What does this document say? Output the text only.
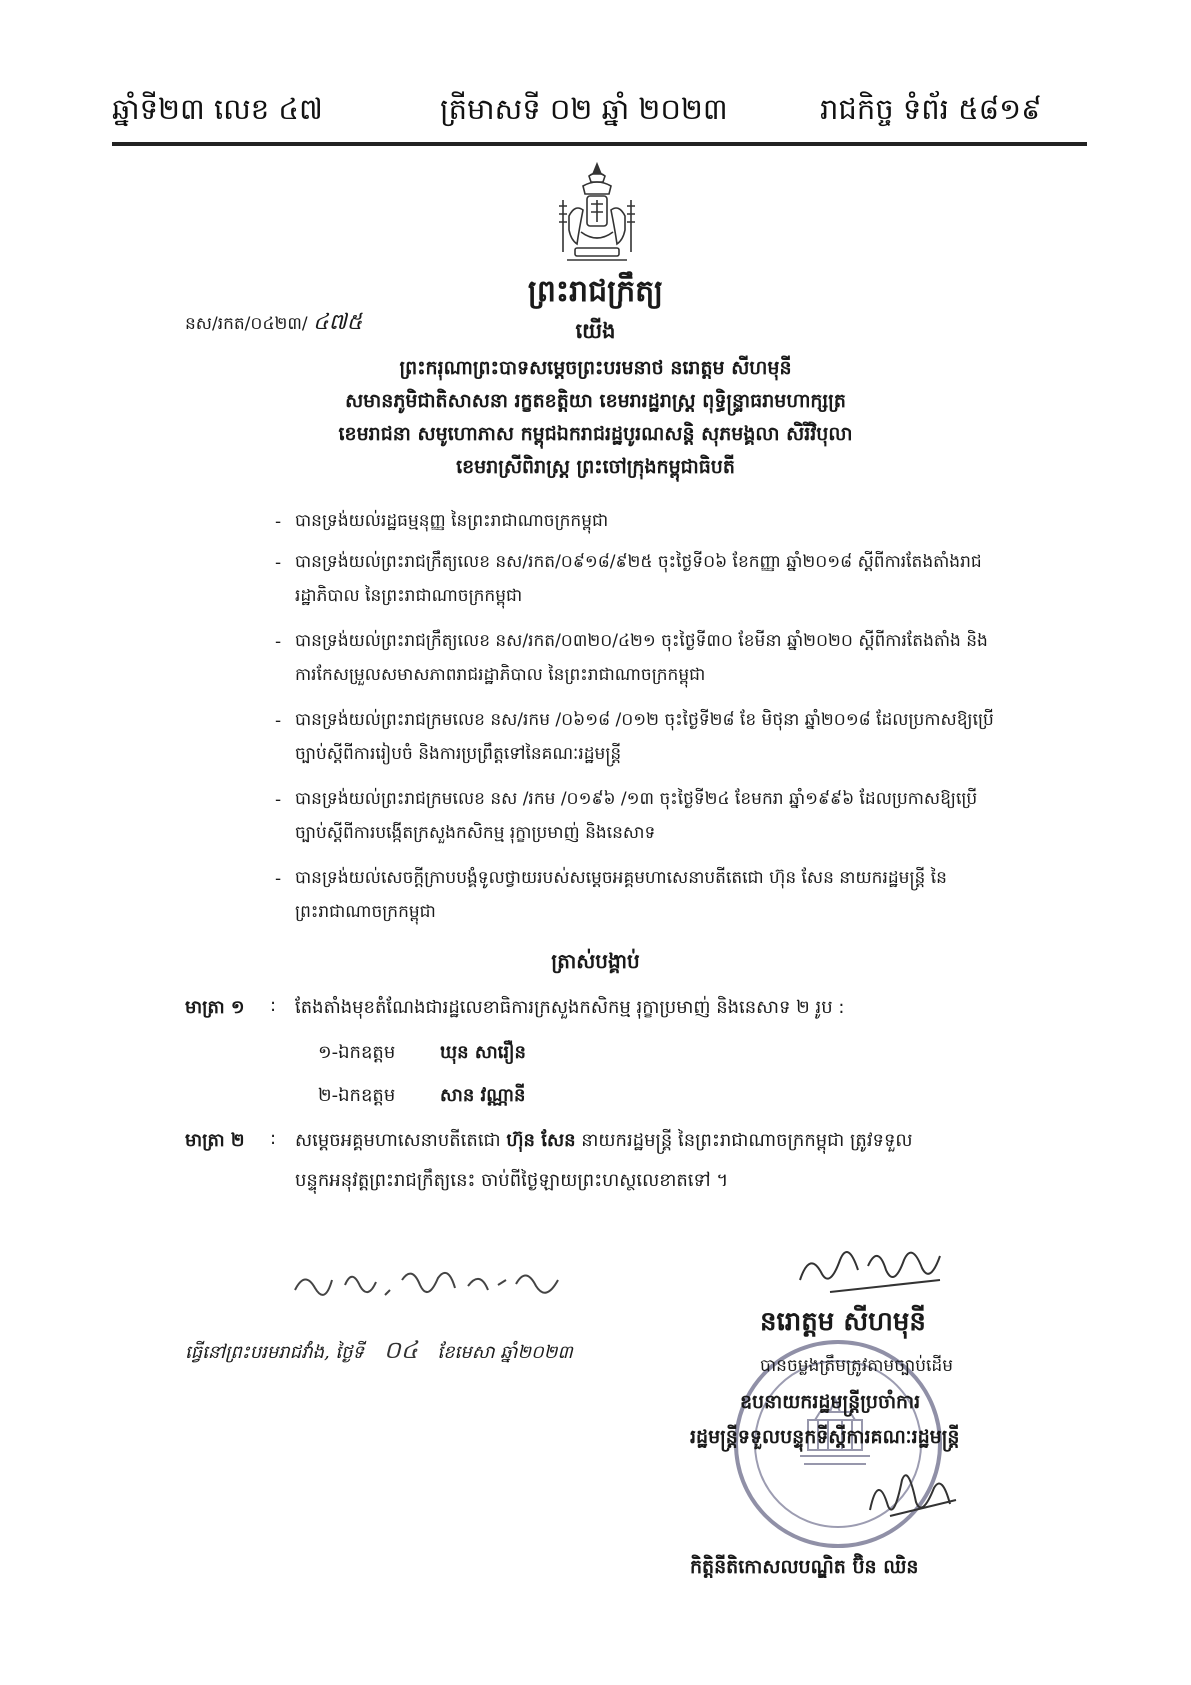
ឆ្នាំទី២៣ លេខ ៤៧	ត្រីមាសទី ០២ ឆ្នាំ ២០២៣	រាជកិច្ច ទំព័រ ៥៨១៩
ព្រះរាជក្រឹត្យ
នស/រកត/០៤២៣/ ៤៧៥	យើង
ព្រះករុណាព្រះបាទសម្តេចព្រះបរមនាថ នរោត្តម សីហមុនី
សមានភូមិជាតិសាសនា រក្ខតខត្តិយា ខេមរារដ្ឋរាស្ត្រ ពុទ្ធិន្ទ្រាធរាមហាក្សត្រ
ខេមរាជនា សមូហោភាស កម្ពុជឯករាជរដ្ឋបូរណសន្តិ សុភមង្គលា សិរីវិបុលា
ខេមរាស្រីពិរាស្ត្រ ព្រះចៅក្រុងកម្ពុជាធិបតី
- បានទ្រង់យល់រដ្ឋធម្មនុញ្ញ នៃព្រះរាជាណាចក្រកម្ពុជា
- បានទ្រង់យល់ព្រះរាជក្រឹត្យលេខ នស/រកត/០៩១៨/៩២៥ ចុះថ្ងៃទី០៦ ខែកញ្ញា ឆ្នាំ២០១៨ ស្តីពីការតែងតាំងរាជរដ្ឋាភិបាល នៃព្រះរាជាណាចក្រកម្ពុជា
- បានទ្រង់យល់ព្រះរាជក្រឹត្យលេខ នស/រកត/០៣២០/៤២១ ចុះថ្ងៃទី៣០ ខែមីនា ឆ្នាំ២០២០ ស្តីពីការតែងតាំង និងការកែសម្រួលសមាសភាពរាជរដ្ឋាភិបាល នៃព្រះរាជាណាចក្រកម្ពុជា
- បានទ្រង់យល់ព្រះរាជក្រមលេខ នស/រកម /០៦១៨ /០១២ ចុះថ្ងៃទី២៨ ខែ មិថុនា ឆ្នាំ២០១៨ ដែលប្រកាសឱ្យប្រើច្បាប់ស្តីពីការរៀបចំ និងការប្រព្រឹត្តទៅនៃគណៈរដ្ឋមន្ត្រី
- បានទ្រង់យល់ព្រះរាជក្រមលេខ នស /រកម /០១៩៦ /១៣ ចុះថ្ងៃទី២៤ ខែមករា ឆ្នាំ១៩៩៦ ដែលប្រកាសឱ្យប្រើច្បាប់ស្តីពីការបង្កើតក្រសួងកសិកម្ម រុក្ខាប្រមាញ់ និងនេសាទ
- បានទ្រង់យល់សេចក្តីក្រាបបង្គំទូលថ្វាយរបស់សម្តេចអគ្គមហាសេនាបតីតេជោ ហ៊ុន សែន នាយករដ្ឋមន្ត្រី នៃព្រះរាជាណាចក្រកម្ពុជា
ត្រាស់បង្គាប់
មាត្រា ១ : តែងតាំងមុខតំណែងជារដ្ឋលេខាធិការក្រសួងកសិកម្ម រុក្ខាប្រមាញ់ និងនេសាទ ២ រូប :
១-ឯកឧត្តម ឃុន សារឿន
២-ឯកឧត្តម សាន វណ្ណានី
មាត្រា ២ : សម្តេចអគ្គមហាសេនាបតីតេជោ ហ៊ុន សែន នាយករដ្ឋមន្ត្រី នៃព្រះរាជាណាចក្រកម្ពុជា ត្រូវទទួល
បន្ទុកអនុវត្តព្រះរាជក្រឹត្យនេះ ចាប់ពីថ្ងៃឡាយព្រះហស្ថលេខាតទៅ ។
ធ្វើនៅព្រះបរមរាជវាំង, ថ្ងៃទី ០៤ ខែមេសា ឆ្នាំ២០២៣
នរោត្តម សីហមុនី
បានចម្លងត្រឹមត្រូវតាមច្បាប់ដើម
ឧបនាយករដ្ឋមន្ត្រីប្រចាំការ
រដ្ឋមន្ត្រីទទួលបន្ទុកទីស្តីការគណៈរដ្ឋមន្ត្រី
កិត្តិនីតិកោសលបណ្ឌិត ប៊ិន ឈិន
